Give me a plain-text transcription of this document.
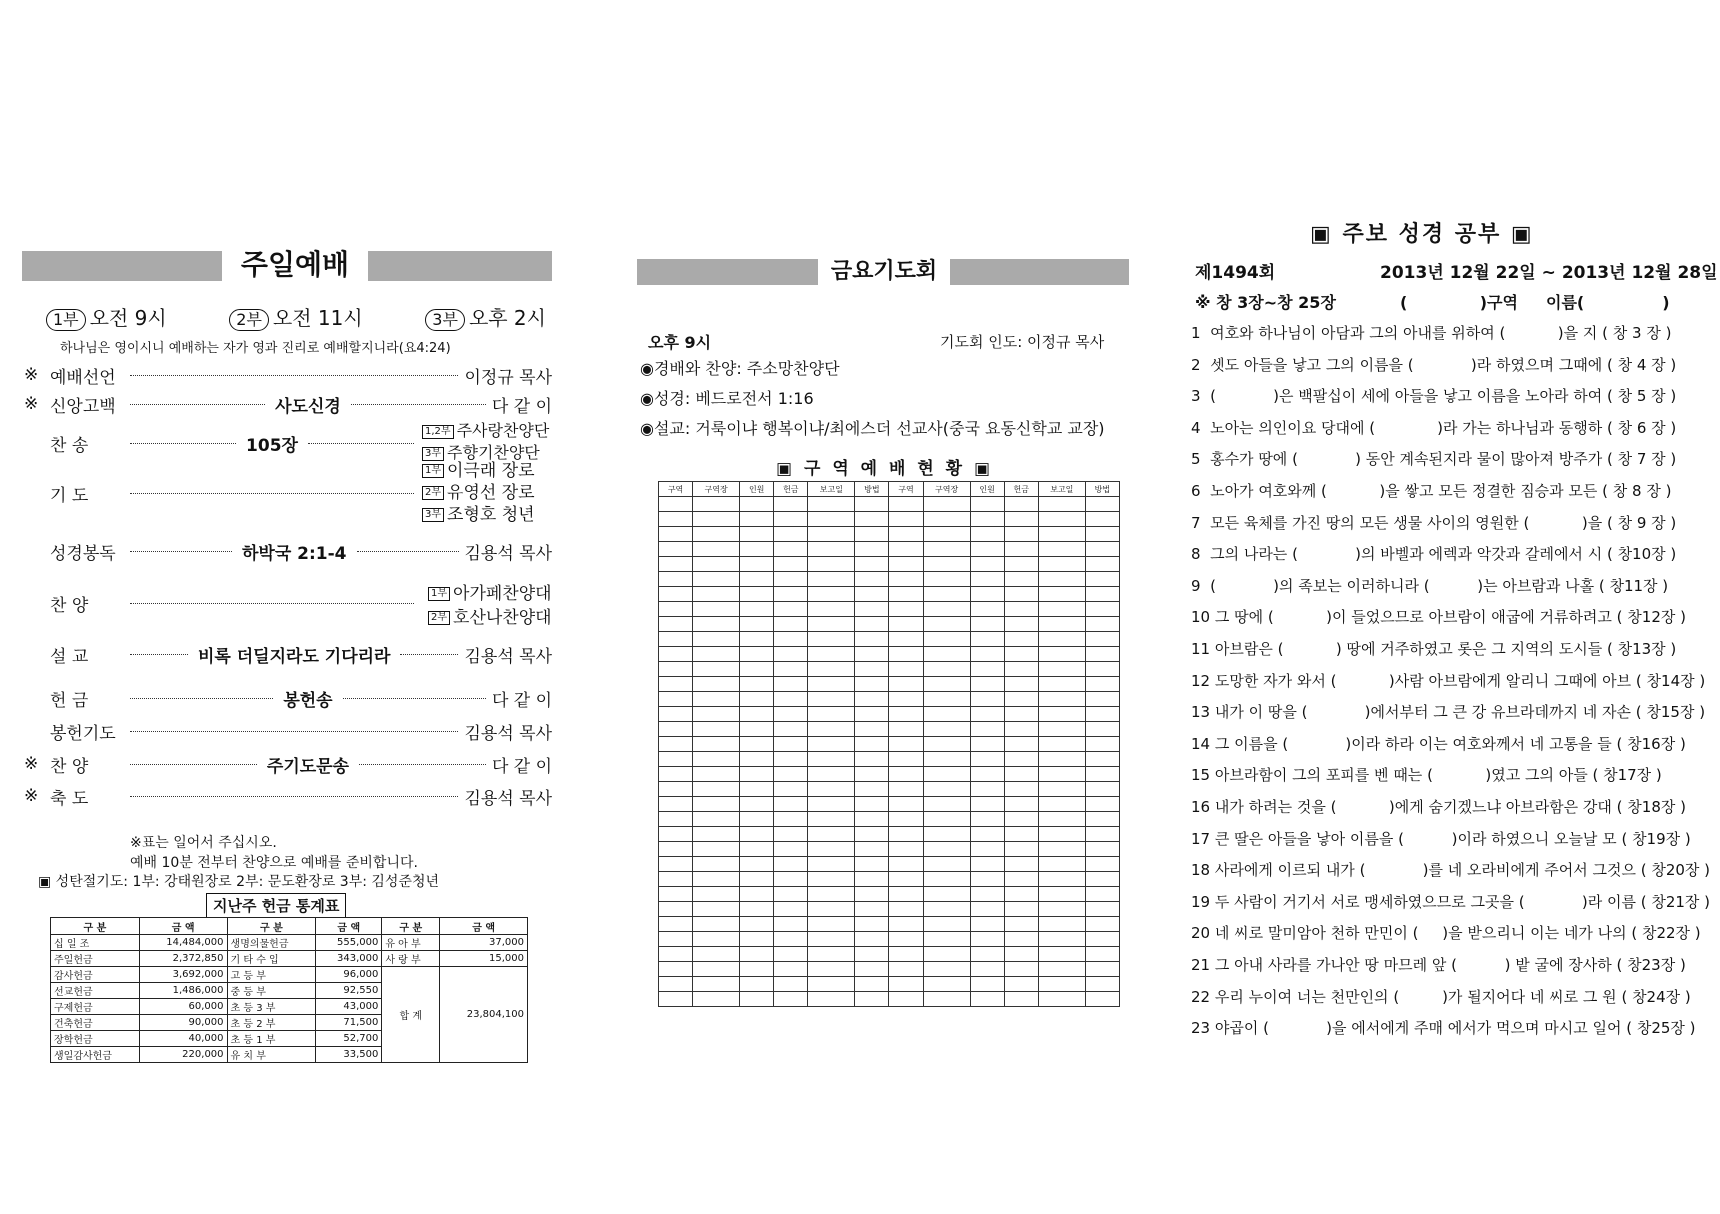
주일예배
1부 오전 9시	2부 오전 11시	3부 오후 2시
하나님은 영이시니 예배하는 자가 영과 진리로 예배할지니라(요4:24)
※ 예배선언	이정규 목사
※ 신앙고백	사도신경	다 같 이
찬 송	105장
1,2부 주사랑찬양단
3부 주향기찬양단
기 도
1부 이극래 장로
2부 유영선 장로
3부 조형호 청년
성경봉독	하박국 2:1-4	김용석 목사
찬 양
1부 아가페찬양대
2부 호산나찬양대
설 교	비록 더딜지라도 기다리라	김용석 목사
헌 금	봉헌송	다 같 이
봉헌기도	김용석 목사
※ 찬 양	주기도문송	다 같 이
※ 축 도	김용석 목사
※표는 일어서 주십시오.
예배 10분 전부터 찬양으로 예배를 준비합니다.
▣ 성탄절기도: 1부: 강태원장로 2부: 문도환장로 3부: 김성준청년
지난주 헌금 통계표
구 분	금 액	구 분	금 액	구 분	금 액
십 일 조	14,484,000	생명의물헌금	555,000	유 아 부	37,000
주일헌금	2,372,850	기 타 수 입	343,000	사 랑 부	15,000
감사헌금	3,692,000	고 등 부	96,000	합 계	23,804,100
선교헌금	1,486,000	중 등 부	92,550		
구제헌금	60,000	초 등 3 부	43,000		
건축헌금	90,000	초 등 2 부	71,500		
장학헌금	40,000	초 등 1 부	52,700		
생일감사헌금	220,000	유 치 부	33,500		
금요기도회
오후 9시	기도회 인도: 이정규 목사
◉경배와 찬양: 주소망찬양단
◉성경: 베드로전서 1:16
◉설교: 거룩이냐 행복이냐/최에스더 선교사(중국 요동신학교 교장)
▣ 구 역 예 배 현 황 ▣
구역	구역장	인원	헌금	보고일	방법	구역	구역장	인원	헌금	보고일	방법

▣ 주보 성경 공부 ▣
제1494회	2013년 12월 22일 ~ 2013년 12월 28일
※ 창 3장~창 25장	(             )구역 이름(              )
1  여호와 하나님이 아담과 그의 아내를 위하여 (           )을 지 ( 창 3 장 )
2  셋도 아들을 낳고 그의 이름을 (            )라 하였으며 그때에 ( 창 4 장 )
3  (            )은 백팔십이 세에 아들을 낳고 이름을 노아라 하여 ( 창 5 장 )
4  노아는 의인이요 당대에 (             )라 가는 하나님과 동행하 ( 창 6 장 )
5  홍수가 땅에 (            ) 동안 계속된지라 물이 많아져 방주가 ( 창 7 장 )
6  노아가 여호와께 (           )을 쌓고 모든 정결한 짐승과 모든 ( 창 8 장 )
7  모든 육체를 가진 땅의 모든 생물 사이의 영원한 (           )을 ( 창 9 장 )
8  그의 나라는 (            )의 바벨과 에렉과 악갓과 갈레에서 시 ( 창10장 )
9  (            )의 족보는 이러하니라 (          )는 아브람과 나홀 ( 창11장 )
10 그 땅에 (           )이 들었으므로 아브람이 애굽에 거류하려고 ( 창12장 )
11 아브람은 (           ) 땅에 거주하였고 롯은 그 지역의 도시들 ( 창13장 )
12 도망한 자가 와서 (           )사람 아브람에게 알리니 그때에 아브 ( 창14장 )
13 내가 이 땅을 (            )에서부터 그 큰 강 유브라데까지 네 자손 ( 창15장 )
14 그 이름을 (            )이라 하라 이는 여호와께서 네 고통을 들 ( 창16장 )
15 아브라함이 그의 포피를 벤 때는 (           )였고 그의 아들 ( 창17장 )
16 내가 하려는 것을 (           )에게 숨기겠느냐 아브라함은 강대 ( 창18장 )
17 큰 딸은 아들을 낳아 이름을 (          )이라 하였으니 오늘날 모 ( 창19장 )
18 사라에게 이르되 내가 (            )를 네 오라비에게 주어서 그것으 ( 창20장 )
19 두 사람이 거기서 서로 맹세하였으므로 그곳을 (            )라 이름 ( 창21장 )
20 네 씨로 말미암아 천하 만민이 (     )을 받으리니 이는 네가 나의 ( 창22장 )
21 그 아내 사라를 가나안 땅 마므레 앞 (          ) 밭 굴에 장사하 ( 창23장 )
22 우리 누이여 너는 천만인의 (         )가 될지어다 네 씨로 그 원 ( 창24장 )
23 야곱이 (            )을 에서에게 주매 에서가 먹으며 마시고 일어 ( 창25장 )
